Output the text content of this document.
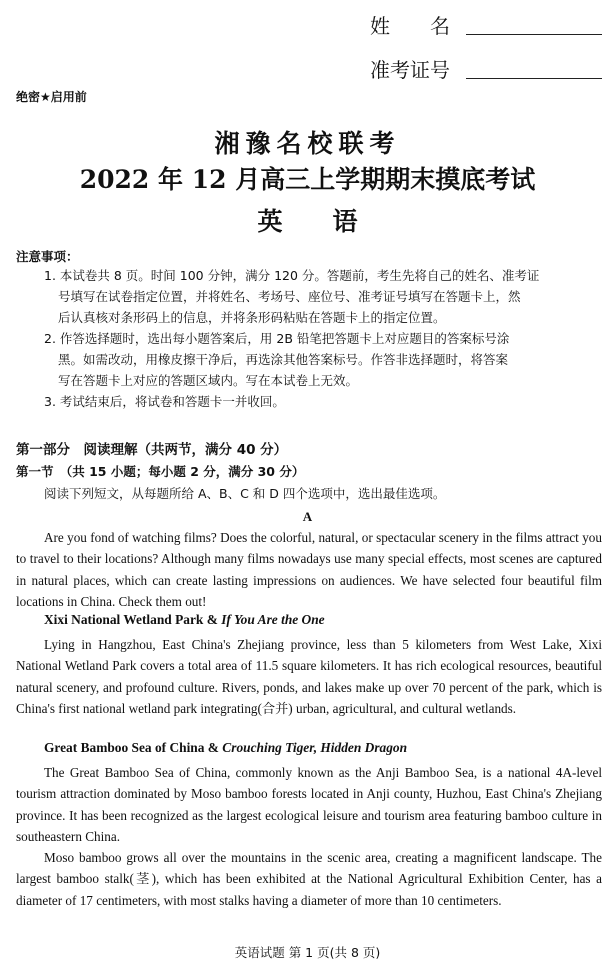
姓　　名
准考证号
绝密★启用前
湘豫名校联考
2022 年 12 月高三上学期期末摸底考试
英　　语
注意事项：
1. 本试卷共 8 页。时间 100 分钟，满分 120 分。答题前，考生先将自己的姓名、准考证
号填写在试卷指定位置，并将姓名、考场号、座位号、准考证号填写在答题卡上，然
后认真核对条形码上的信息，并将条形码粘贴在答题卡上的指定位置。
2. 作答选择题时，选出每小题答案后，用 2B 铅笔把答题卡上对应题目的答案标号涂
黑。如需改动，用橡皮擦干净后，再选涂其他答案标号。作答非选择题时，将答案
写在答题卡上对应的答题区域内。写在本试卷上无效。
3. 考试结束后，将试卷和答题卡一并收回。
第一部分　阅读理解（共两节，满分 40 分）
第一节　（共 15 小题；每小题 2 分，满分 30 分）
阅读下列短文，从每题所给 A、B、C 和 D 四个选项中，选出最佳选项。
A
Are you fond of watching films? Does the colorful, natural, or spectacular scenery in the films attract you to travel to their locations? Although many films nowadays use many special effects, most scenes are captured in natural places, which can create lasting impressions on audiences. We have selected four beautiful film locations in China. Check them out!
Xixi National Wetland Park & If You Are the One
Lying in Hangzhou, East China's Zhejiang province, less than 5 kilometers from West Lake, Xixi National Wetland Park covers a total area of 11.5 square kilometers. It has rich ecological resources, beautiful natural scenery, and profound culture. Rivers, ponds, and lakes make up over 70 percent of the park, which is China's first national wetland park integrating(合并) urban, agricultural, and cultural wetlands.
Great Bamboo Sea of China & Crouching Tiger, Hidden Dragon
The Great Bamboo Sea of China, commonly known as the Anji Bamboo Sea, is a national 4A-level tourism attraction dominated by Moso bamboo forests located in Anji county, Huzhou, East China's Zhejiang province. It has been recognized as the largest ecological leisure and tourism area featuring bamboo culture in southeastern China.
Moso bamboo grows all over the mountains in the scenic area, creating a magnificent landscape. The largest bamboo stalk(茎), which has been exhibited at the National Agricultural Exhibition Center, has a diameter of 17 centimeters, with most stalks having a diameter of more than 10 centimeters.
英语试题 第 1 页(共 8 页)
